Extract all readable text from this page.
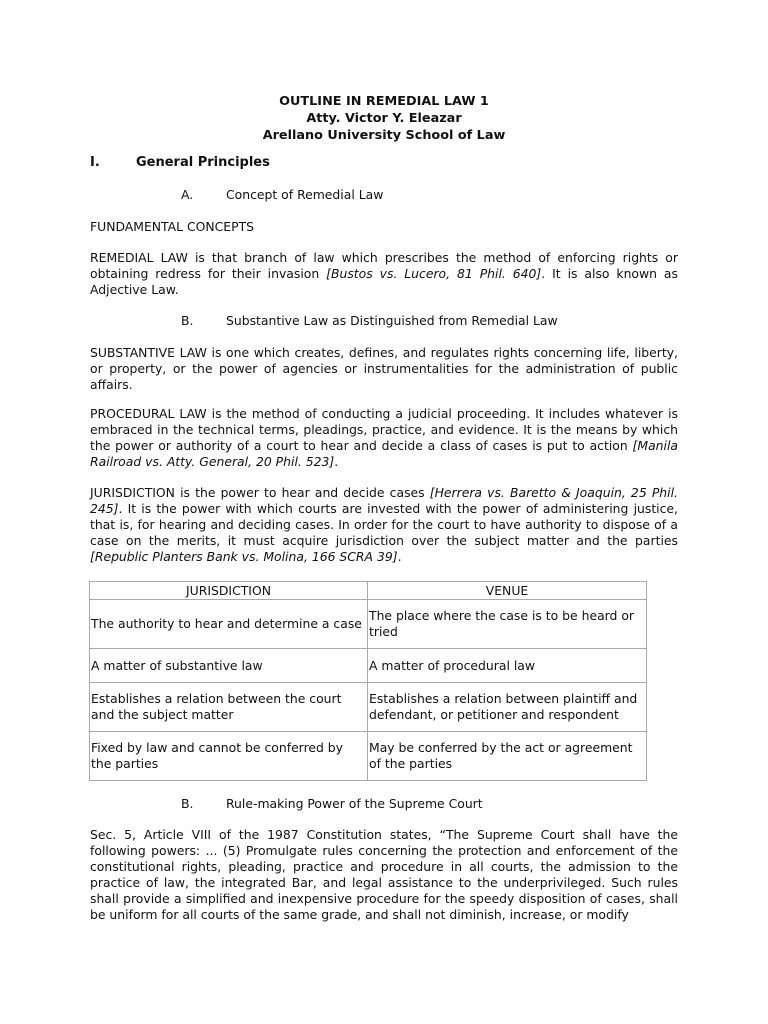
OUTLINE IN REMEDIAL LAW 1
Atty. Victor Y. Eleazar
Arellano University School of Law
I.	General Principles
A.	Concept of Remedial Law
FUNDAMENTAL CONCEPTS

REMEDIAL LAW is that branch of law which prescribes the method of enforcing rights or obtaining redress for their invasion [Bustos vs. Lucero, 81 Phil. 640]. It is also known as Adjective Law.

B.	Substantive Law as Distinguished from Remedial Law

SUBSTANTIVE LAW is one which creates, defines, and regulates rights concerning life, liberty, or property, or the power of agencies or instrumentalities for the administration of public affairs.

PROCEDURAL LAW is the method of conducting a judicial proceeding. It includes whatever is embraced in the technical terms, pleadings, practice, and evidence. It is the means by which the power or authority of a court to hear and decide a class of cases is put to action [Manila Railroad vs. Atty. General, 20 Phil. 523].

JURISDICTION is the power to hear and decide cases [Herrera vs. Baretto & Joaquin, 25 Phil. 245]. It is the power with which courts are invested with the power of administering justice, that is, for hearing and deciding cases. In order for the court to have authority to dispose of a case on the merits, it must acquire jurisdiction over the subject matter and the parties [Republic Planters Bank vs. Molina, 166 SCRA 39].

JURISDICTION	VENUE
The authority to hear and determine a case	The place where the case is to be heard or tried
A matter of substantive law	A matter of procedural law
Establishes a relation between the court and the subject matter	Establishes a relation between plaintiff and defendant, or petitioner and respondent
Fixed by law and cannot be conferred by the parties	May be conferred by the act or agreement of the parties
B.	Rule-making Power of the Supreme Court

Sec. 5, Article VIII of the 1987 Constitution states, “The Supreme Court shall have the following powers: ... (5) Promulgate rules concerning the protection and enforcement of the constitutional rights, pleading, practice and procedure in all courts, the admission to the practice of law, the integrated Bar, and legal assistance to the underprivileged. Such rules shall provide a simplified and inexpensive procedure for the speedy disposition of cases, shall be uniform for all courts of the same grade, and shall not diminish, increase, or modify
